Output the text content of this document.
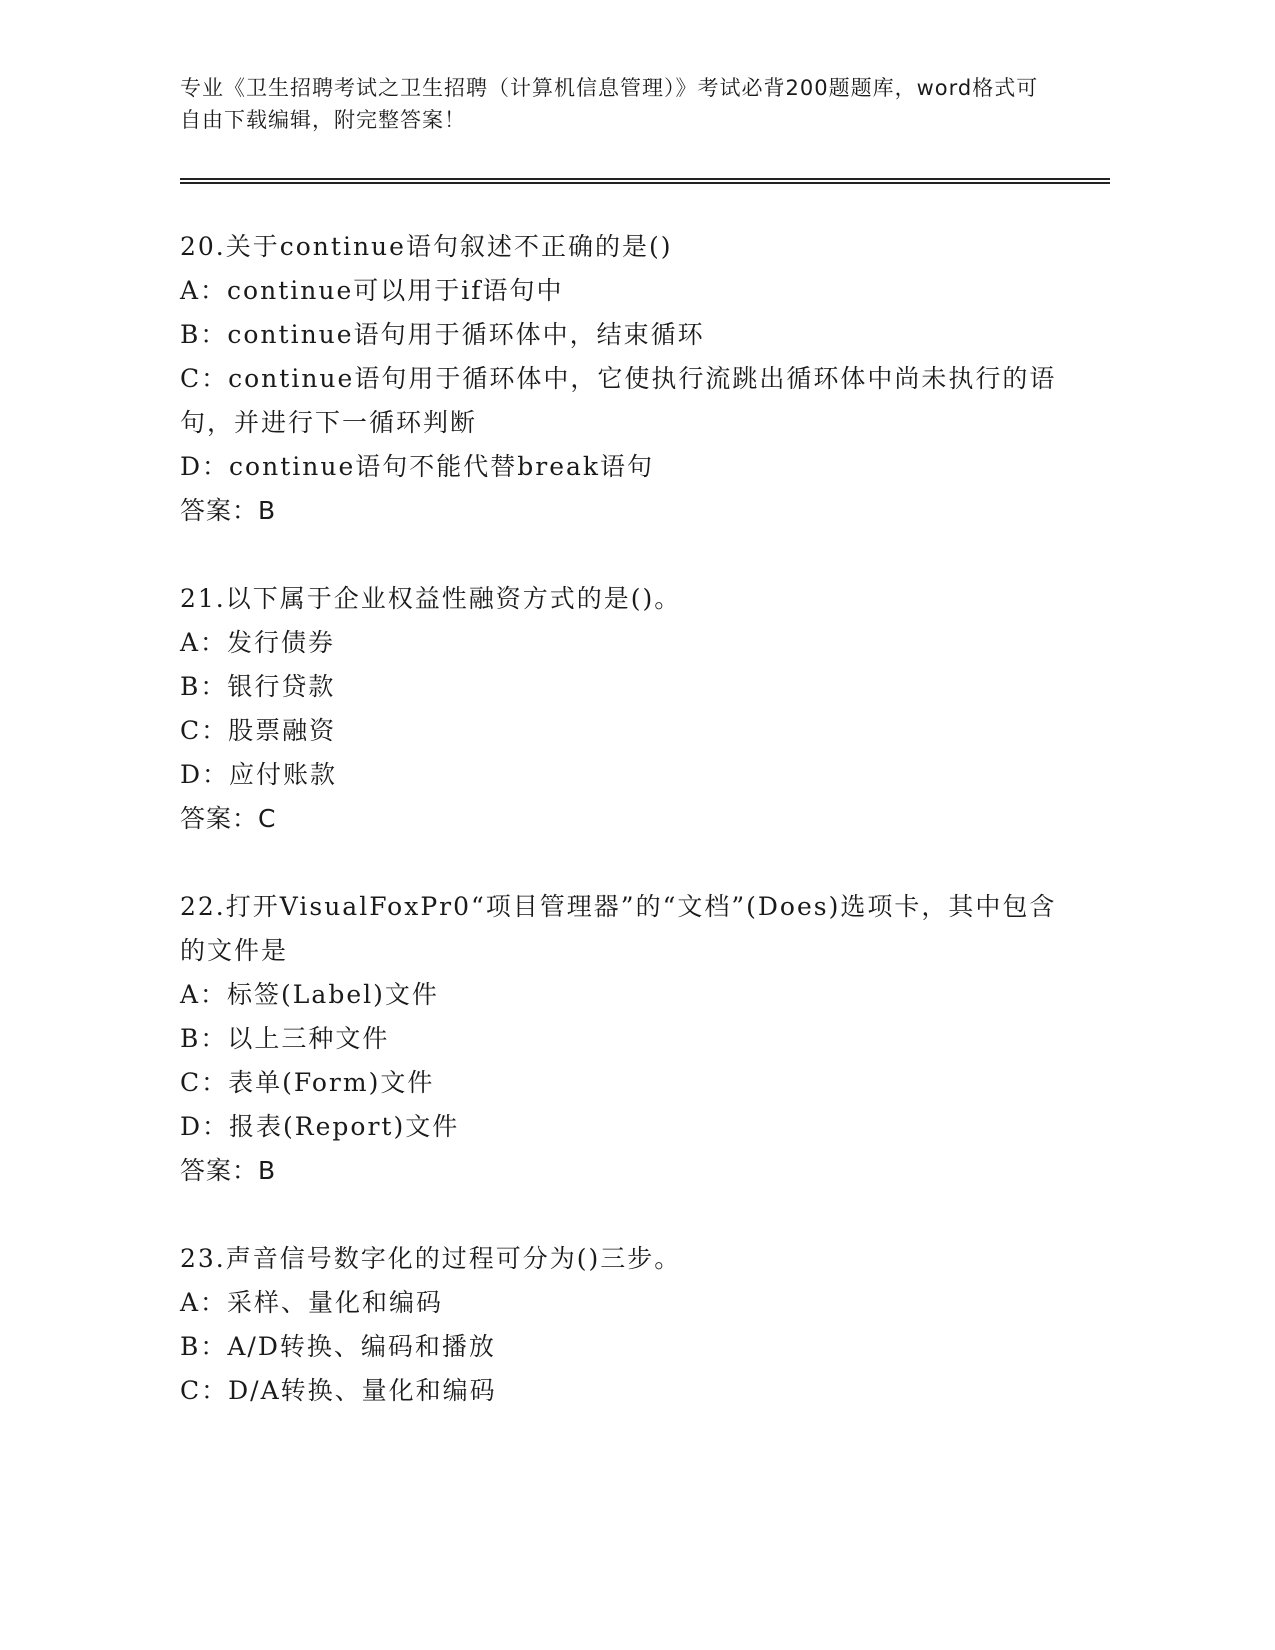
专业《卫生招聘考试之卫生招聘（计算机信息管理）》考试必背200题题库，word格式可自由下载编辑，附完整答案！

20.关于continue语句叙述不正确的是()

A：continue可以用于if语句中

B：continue语句用于循环体中，结束循环

C：continue语句用于循环体中，它使执行流跳出循环体中尚未执行的语句，并进行下一循环判断

D：continue语句不能代替break语句

答案：B

21.以下属于企业权益性融资方式的是()。

A：发行债券

B：银行贷款

C：股票融资

D：应付账款

答案：C

22.打开VisualFoxPr0“项目管理器”的“文档”(Does)选项卡，其中包含的文件是

A：标签(Label)文件

B：以上三种文件

C：表单(Form)文件

D：报表(Report)文件

答案：B

23.声音信号数字化的过程可分为()三步。

A：采样、量化和编码

B：A/D转换、编码和播放

C：D/A转换、量化和编码
